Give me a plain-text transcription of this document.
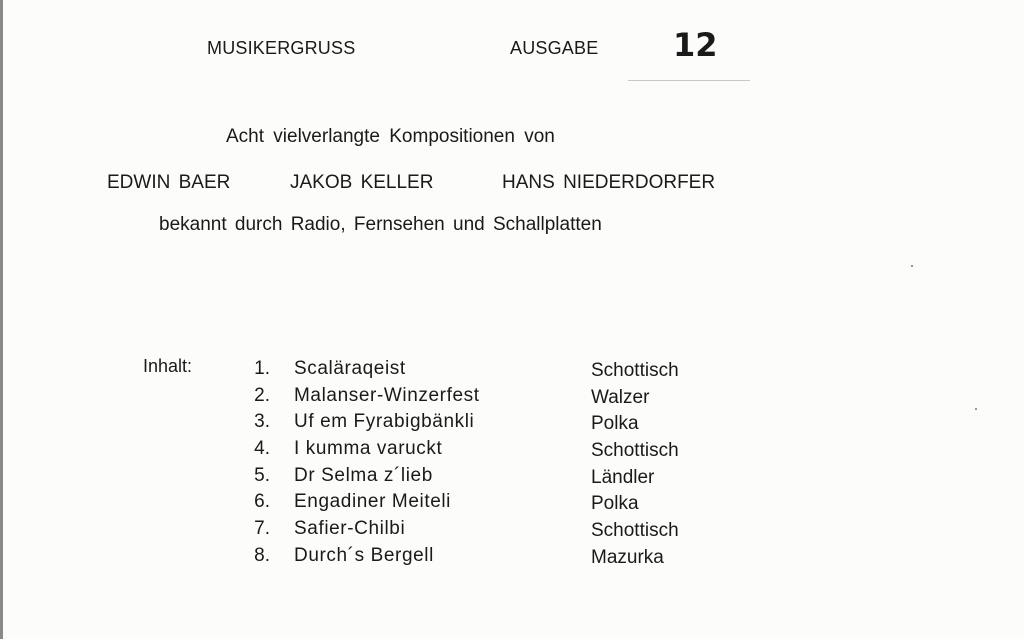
MUSIKERGRUSS	AUSGABE 12
Acht vielverlangte Kompositionen von
EDWIN BAER	JAKOB KELLER	HANS NIEDERDORFER
bekannt durch Radio, Fernsehen und Schallplatten
Inhalt:	1. Scaläraqeist	Schottisch
2. Malanser-Winzerfest	Walzer
3. Uf em Fyrabigbänkli	Polka
4. I kumma varuckt	Schottisch
5. Dr Selma z´lieb	Ländler
6. Engadiner Meiteli	Polka
7. Safier-Chilbi	Schottisch
8. Durch´s Bergell	Mazurka
